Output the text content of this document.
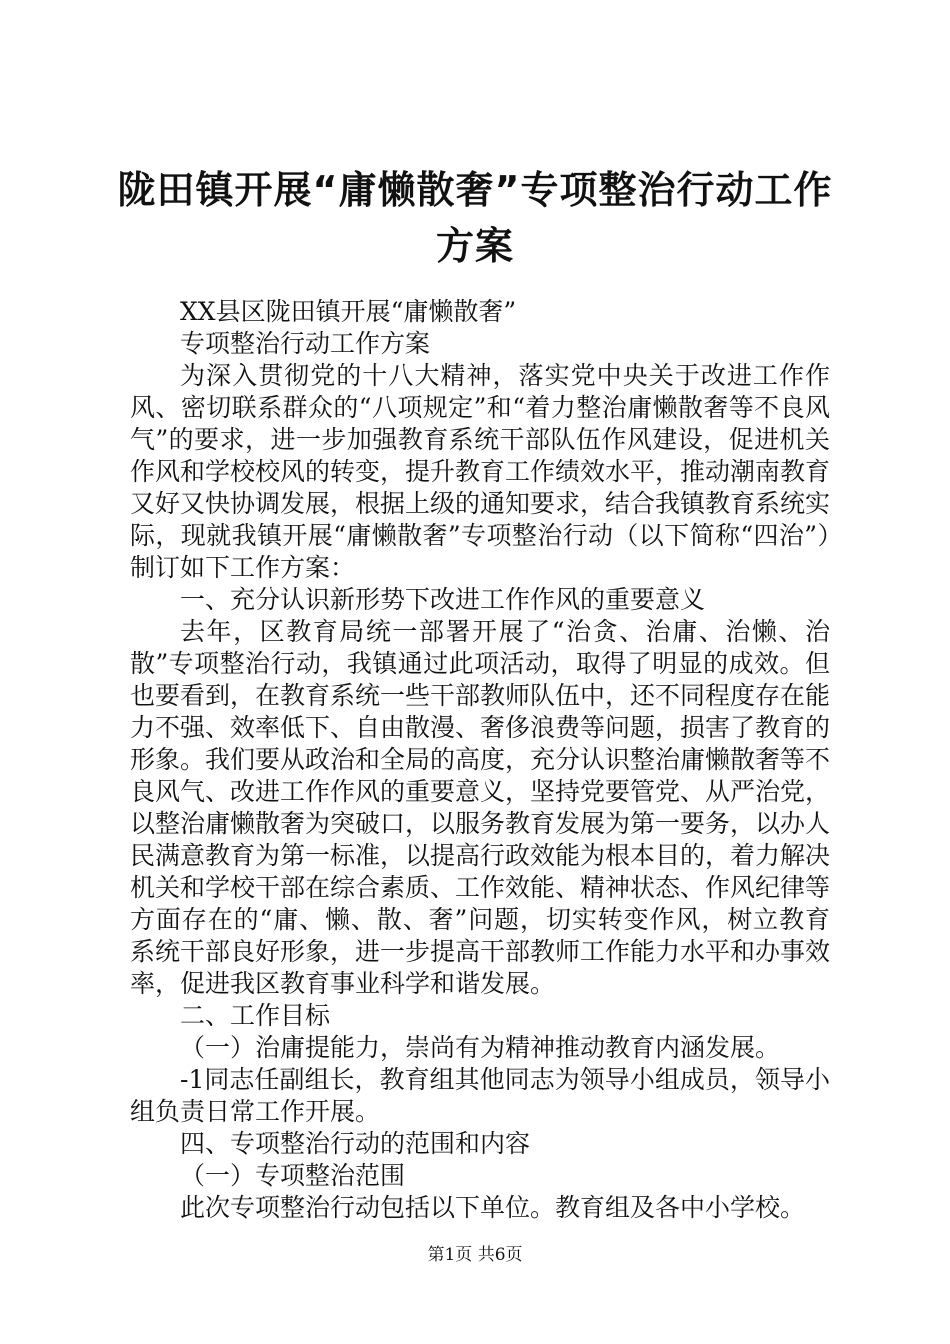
陇田镇开展“庸懒散奢”专项整治行动工作方案

XX县区陇田镇开展“庸懒散奢”

专项整治行动工作方案

为深入贯彻党的十八大精神，落实党中央关于改进工作作风、密切联系群众的“八项规定”和“着力整治庸懒散奢等不良风气”的要求，进一步加强教育系统干部队伍作风建设，促进机关作风和学校校风的转变，提升教育工作绩效水平，推动潮南教育又好又快协调发展，根据上级的通知要求，结合我镇教育系统实际，现就我镇开展“庸懒散奢”专项整治行动（以下简称“四治”）制订如下工作方案：

一、充分认识新形势下改进工作作风的重要意义

去年，区教育局统一部署开展了“治贪、治庸、治懒、治散”专项整治行动，我镇通过此项活动，取得了明显的成效。但也要看到，在教育系统一些干部教师队伍中，还不同程度存在能力不强、效率低下、自由散漫、奢侈浪费等问题，损害了教育的形象。我们要从政治和全局的高度，充分认识整治庸懒散奢等不良风气、改进工作作风的重要意义，坚持党要管党、从严治党，以整治庸懒散奢为突破口，以服务教育发展为第一要务，以办人民满意教育为第一标准，以提高行政效能为根本目的，着力解决机关和学校干部在综合素质、工作效能、精神状态、作风纪律等方面存在的“庸、懒、散、奢”问题，切实转变作风，树立教育系统干部良好形象，进一步提高干部教师工作能力水平和办事效率，促进我区教育事业科学和谐发展。

二、工作目标

（一）治庸提能力，崇尚有为精神推动教育内涵发展。

-1同志任副组长，教育组其他同志为领导小组成员，领导小组负责日常工作开展。

四、专项整治行动的范围和内容

（一）专项整治范围

此次专项整治行动包括以下单位。教育组及各中小学校。

第1页 共6页
